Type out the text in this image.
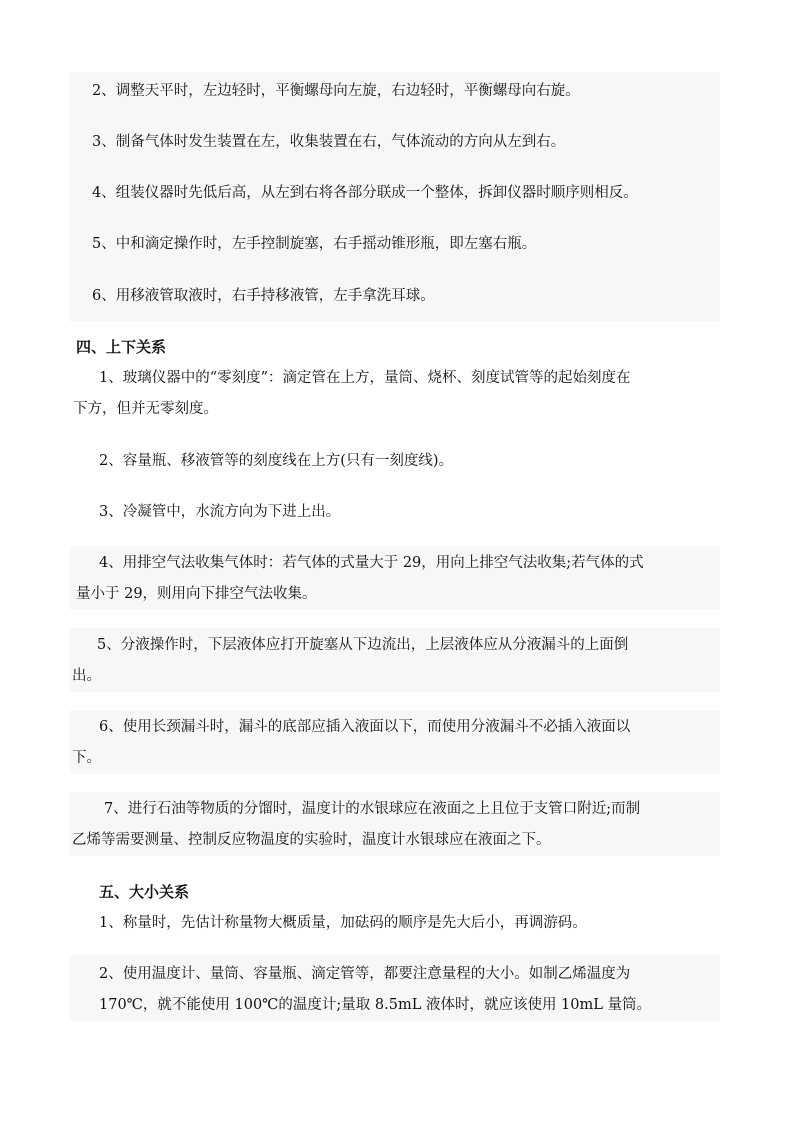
2、调整天平时，左边轻时，平衡螺母向左旋，右边轻时，平衡螺母向右旋。
3、制备气体时发生装置在左，收集装置在右，气体流动的方向从左到右。
4、组装仪器时先低后高，从左到右将各部分联成一个整体，拆卸仪器时顺序则相反。
5、中和滴定操作时，左手控制旋塞，右手摇动锥形瓶，即左塞右瓶。
6、用移液管取液时，右手持移液管，左手拿洗耳球。
四、上下关系
1、玻璃仪器中的“零刻度”：滴定管在上方，量筒、烧杯、刻度试管等的起始刻度在
下方，但并无零刻度。
2、容量瓶、移液管等的刻度线在上方(只有一刻度线)。
3、冷凝管中，水流方向为下进上出。
4、用排空气法收集气体时：若气体的式量大于 29，用向上排空气法收集;若气体的式
量小于 29，则用向下排空气法收集。
5、分液操作时，下层液体应打开旋塞从下边流出，上层液体应从分液漏斗的上面倒
出。
6、使用长颈漏斗时，漏斗的底部应插入液面以下，而使用分液漏斗不必插入液面以
下。
7、进行石油等物质的分馏时，温度计的水银球应在液面之上且位于支管口附近;而制
乙烯等需要测量、控制反应物温度的实验时，温度计水银球应在液面之下。
五、大小关系
1、称量时，先估计称量物大概质量，加砝码的顺序是先大后小，再调游码。
2、使用温度计、量筒、容量瓶、滴定管等，都要注意量程的大小。如制乙烯温度为
170℃，就不能使用 100℃的温度计;量取 8.5mL 液体时，就应该使用 10mL 量筒。
